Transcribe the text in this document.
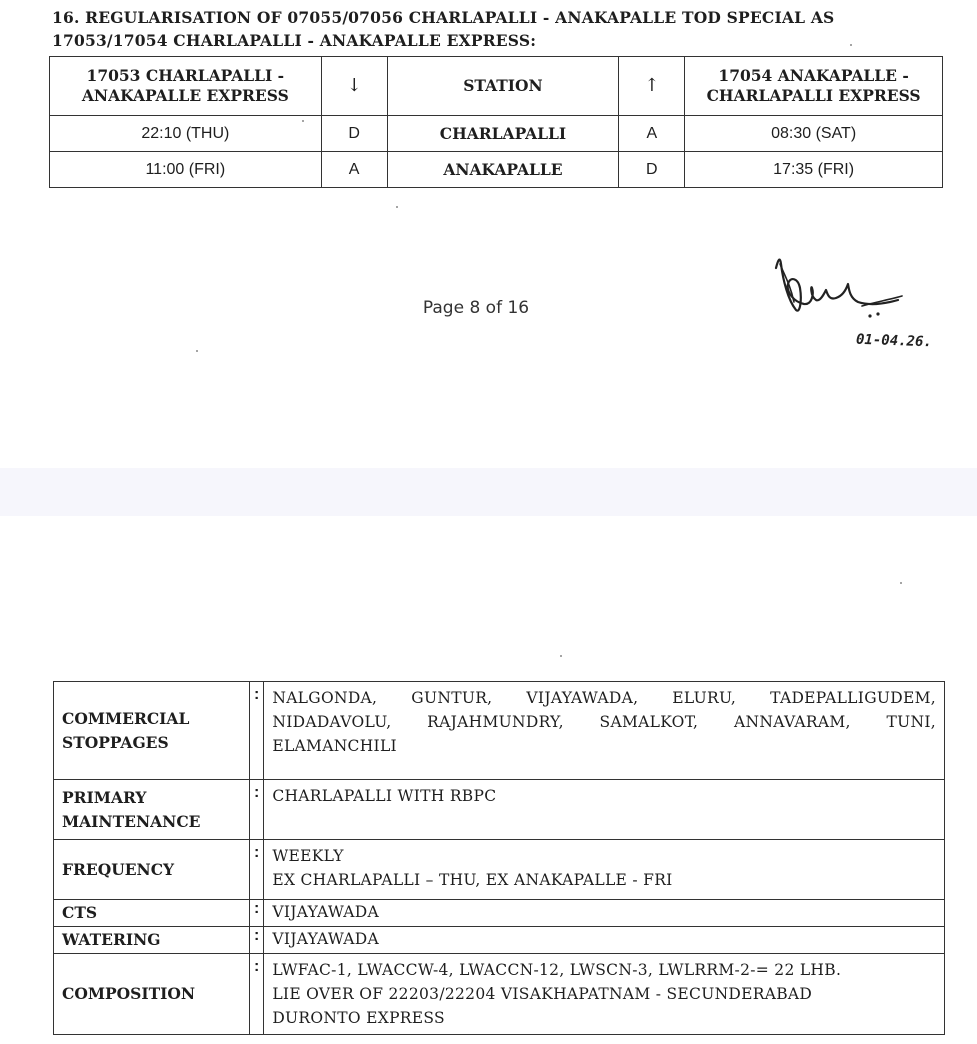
16. REGULARISATION OF 07055/07056 CHARLAPALLI - ANAKAPALLE TOD SPECIAL AS
17053/17054 CHARLAPALLI - ANAKAPALLE EXPRESS:
17053 CHARLAPALLI - ANAKAPALLE EXPRESS	↓	STATION	↑	17054 ANAKAPALLE - CHARLAPALLI EXPRESS
22:10 (THU)	D	CHARLAPALLI	A	08:30 (SAT)
11:00 (FRI)	A	ANAKAPALLE	D	17:35 (FRI)
Page 8 of 16
01-04.26.
COMMERCIAL STOPPAGES	:	NALGONDA, GUNTUR, VIJAYAWADA, ELURU, TADEPALLIGUDEM, NIDADAVOLU, RAJAHMUNDRY, SAMALKOT, ANNAVARAM, TUNI, ELAMANCHILI
PRIMARY MAINTENANCE	:	CHARLAPALLI WITH RBPC
FREQUENCY	:	WEEKLY
EX CHARLAPALLI – THU, EX ANAKAPALLE - FRI

CTS	:	VIJAYAWADA
WATERING	:	VIJAYAWADA
COMPOSITION	:	LWFAC-1, LWACCW-4, LWACCN-12, LWSCN-3, LWLRRM-2-= 22 LHB.
LIE OVER OF 22203/22204 VISAKHAPATNAM - SECUNDERABAD
DURONTO EXPRESS
